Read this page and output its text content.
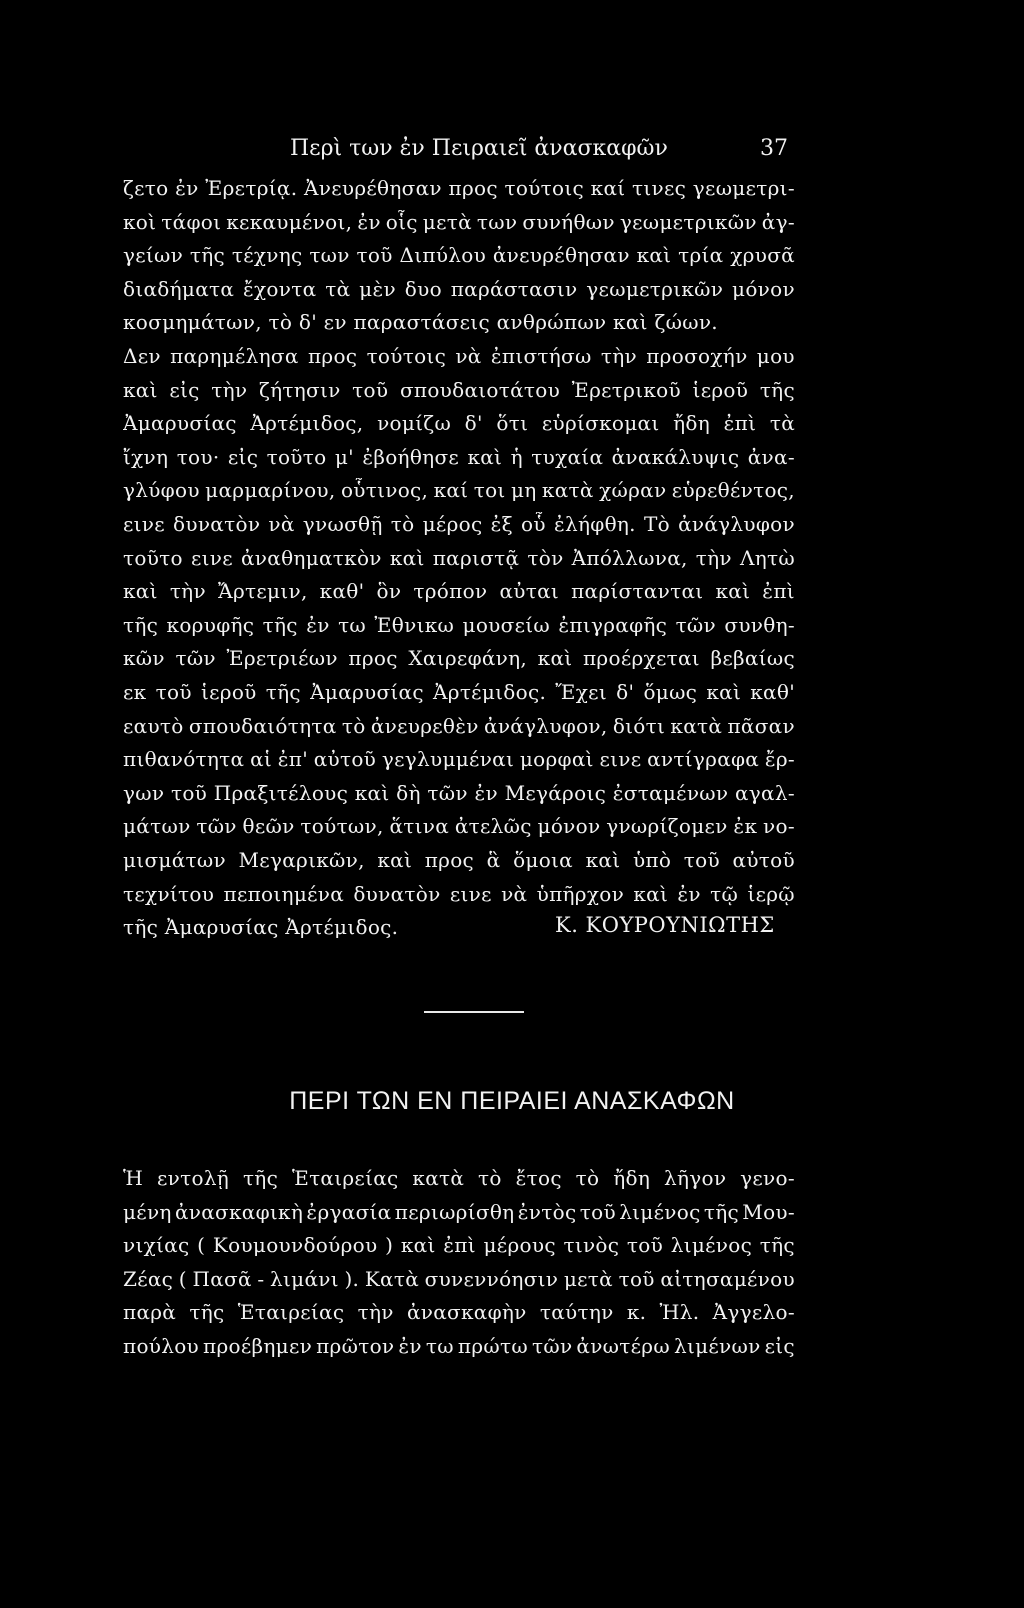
Περὶ των ἐν Πειραιεῖ ἀνασκαφῶν	37
ζετο ἐν Ἐρετρίᾳ. Ἀνευρέθησαν προς τούτοις καί τινες γεωμετρι-
κοὶ τάφοι κεκαυμένοι, ἐν οἷς μετὰ των συνήθων γεωμετρικῶν ἀγ-
γείων τῆς τέχνης των τοῦ Διπύλου ἀνευρέθησαν καὶ τρία χρυσᾶ
διαδήματα ἔχοντα τὰ μὲν δυο παράστασιν γεωμετρικῶν μόνον
κοσμημάτων, τὸ δ' εν παραστάσεις ανθρώπων καὶ ζώων.
Δεν παρημέλησα προς τούτοις νὰ ἐπιστήσω τὴν προσοχήν μου
καὶ εἰς τὴν ζήτησιν τοῦ σπουδαιοτάτου Ἐρετρικοῦ ἱεροῦ τῆς
Ἀμαρυσίας Ἀρτέμιδος, νομίζω δ' ὅτι εὑρίσκομαι ἤδη ἐπὶ τὰ
ἴχνη του· εἰς τοῦτο μ' ἐβοήθησε καὶ ἡ τυχαία ἀνακάλυψις ἀνα-
γλύφου μαρμαρίνου, οὗτινος, καί τοι μη κατὰ χώραν εὑρεθέντος,
εινε δυνατὸν νὰ γνωσθῇ τὸ μέρος ἐξ οὗ ἐλήφθη. Τὸ ἀνάγλυφον
τοῦτο εινε ἀναθηματκὸν καὶ παριστᾷ τὸν Ἀπόλλωνα, τὴν Λητὼ
καὶ τὴν Ἄρτεμιν, καθ' ὃν τρόπον αὐται παρίστανται καὶ ἐπὶ
τῆς κορυφῆς τῆς ἐν τω Ἐθνικω μουσείω ἐπιγραφῆς τῶν συνθη-
κῶν τῶν Ἐρετριέων προς Χαιρεφάνη, καὶ προέρχεται βεβαίως
εκ τοῦ ἱεροῦ τῆς Ἀμαρυσίας Ἀρτέμιδος. Ἔχει δ' ὅμως καὶ καθ'
εαυτὸ σπουδαιότητα τὸ ἀνευρεθὲν ἀνάγλυφον, διότι κατὰ πᾶσαν
πιθανότητα αἱ ἐπ' αὐτοῦ γεγλυμμέναι μορφαὶ εινε αντίγραφα ἔρ-
γων τοῦ Πραξιτέλους καὶ δὴ τῶν ἐν Μεγάροις ἐσταμένων αγαλ-
μάτων τῶν θεῶν τούτων, ἅτινα ἀτελῶς μόνον γνωρίζομεν ἐκ νο-
μισμάτων Μεγαρικῶν, καὶ προς ἃ ὅμοια καὶ ὑπὸ τοῦ αὐτοῦ
τεχνίτου πεποιημένα δυνατὸν εινε νὰ ὑπῆρχον καὶ ἐν τῷ ἱερῷ
τῆς Ἀμαρυσίας Ἀρτέμιδος.	Κ. ΚΟΥΡΟΥΝΙΩΤΗΣ
ΠΕΡΙ ΤΩΝ ΕΝ ΠΕΙΡΑΙΕΙ ΑΝΑΣΚΑΦΩΝ
Ἡ εντολῇ τῆς Ἑταιρείας κατὰ τὸ ἔτος τὸ ἤδη λῆγον γενο-
μένη ἀνασκαφικὴ ἐργασία περιωρίσθη ἐντὸς τοῦ λιμένος τῆς Μου-
νιχίας ( Κουμουνδούρου ) καὶ ἐπὶ μέρους τινὸς τοῦ λιμένος τῆς
Ζέας ( Πασᾶ - λιμάνι ). Κατὰ συνεννόησιν μετὰ τοῦ αἰτησαμένου
παρὰ τῆς Ἑταιρείας τὴν ἀνασκαφὴν ταύτην κ. Ἠλ. Ἀγγελο-
πούλου προέβημεν πρῶτον ἐν τω πρώτω τῶν ἀνωτέρω λιμένων εἰς
